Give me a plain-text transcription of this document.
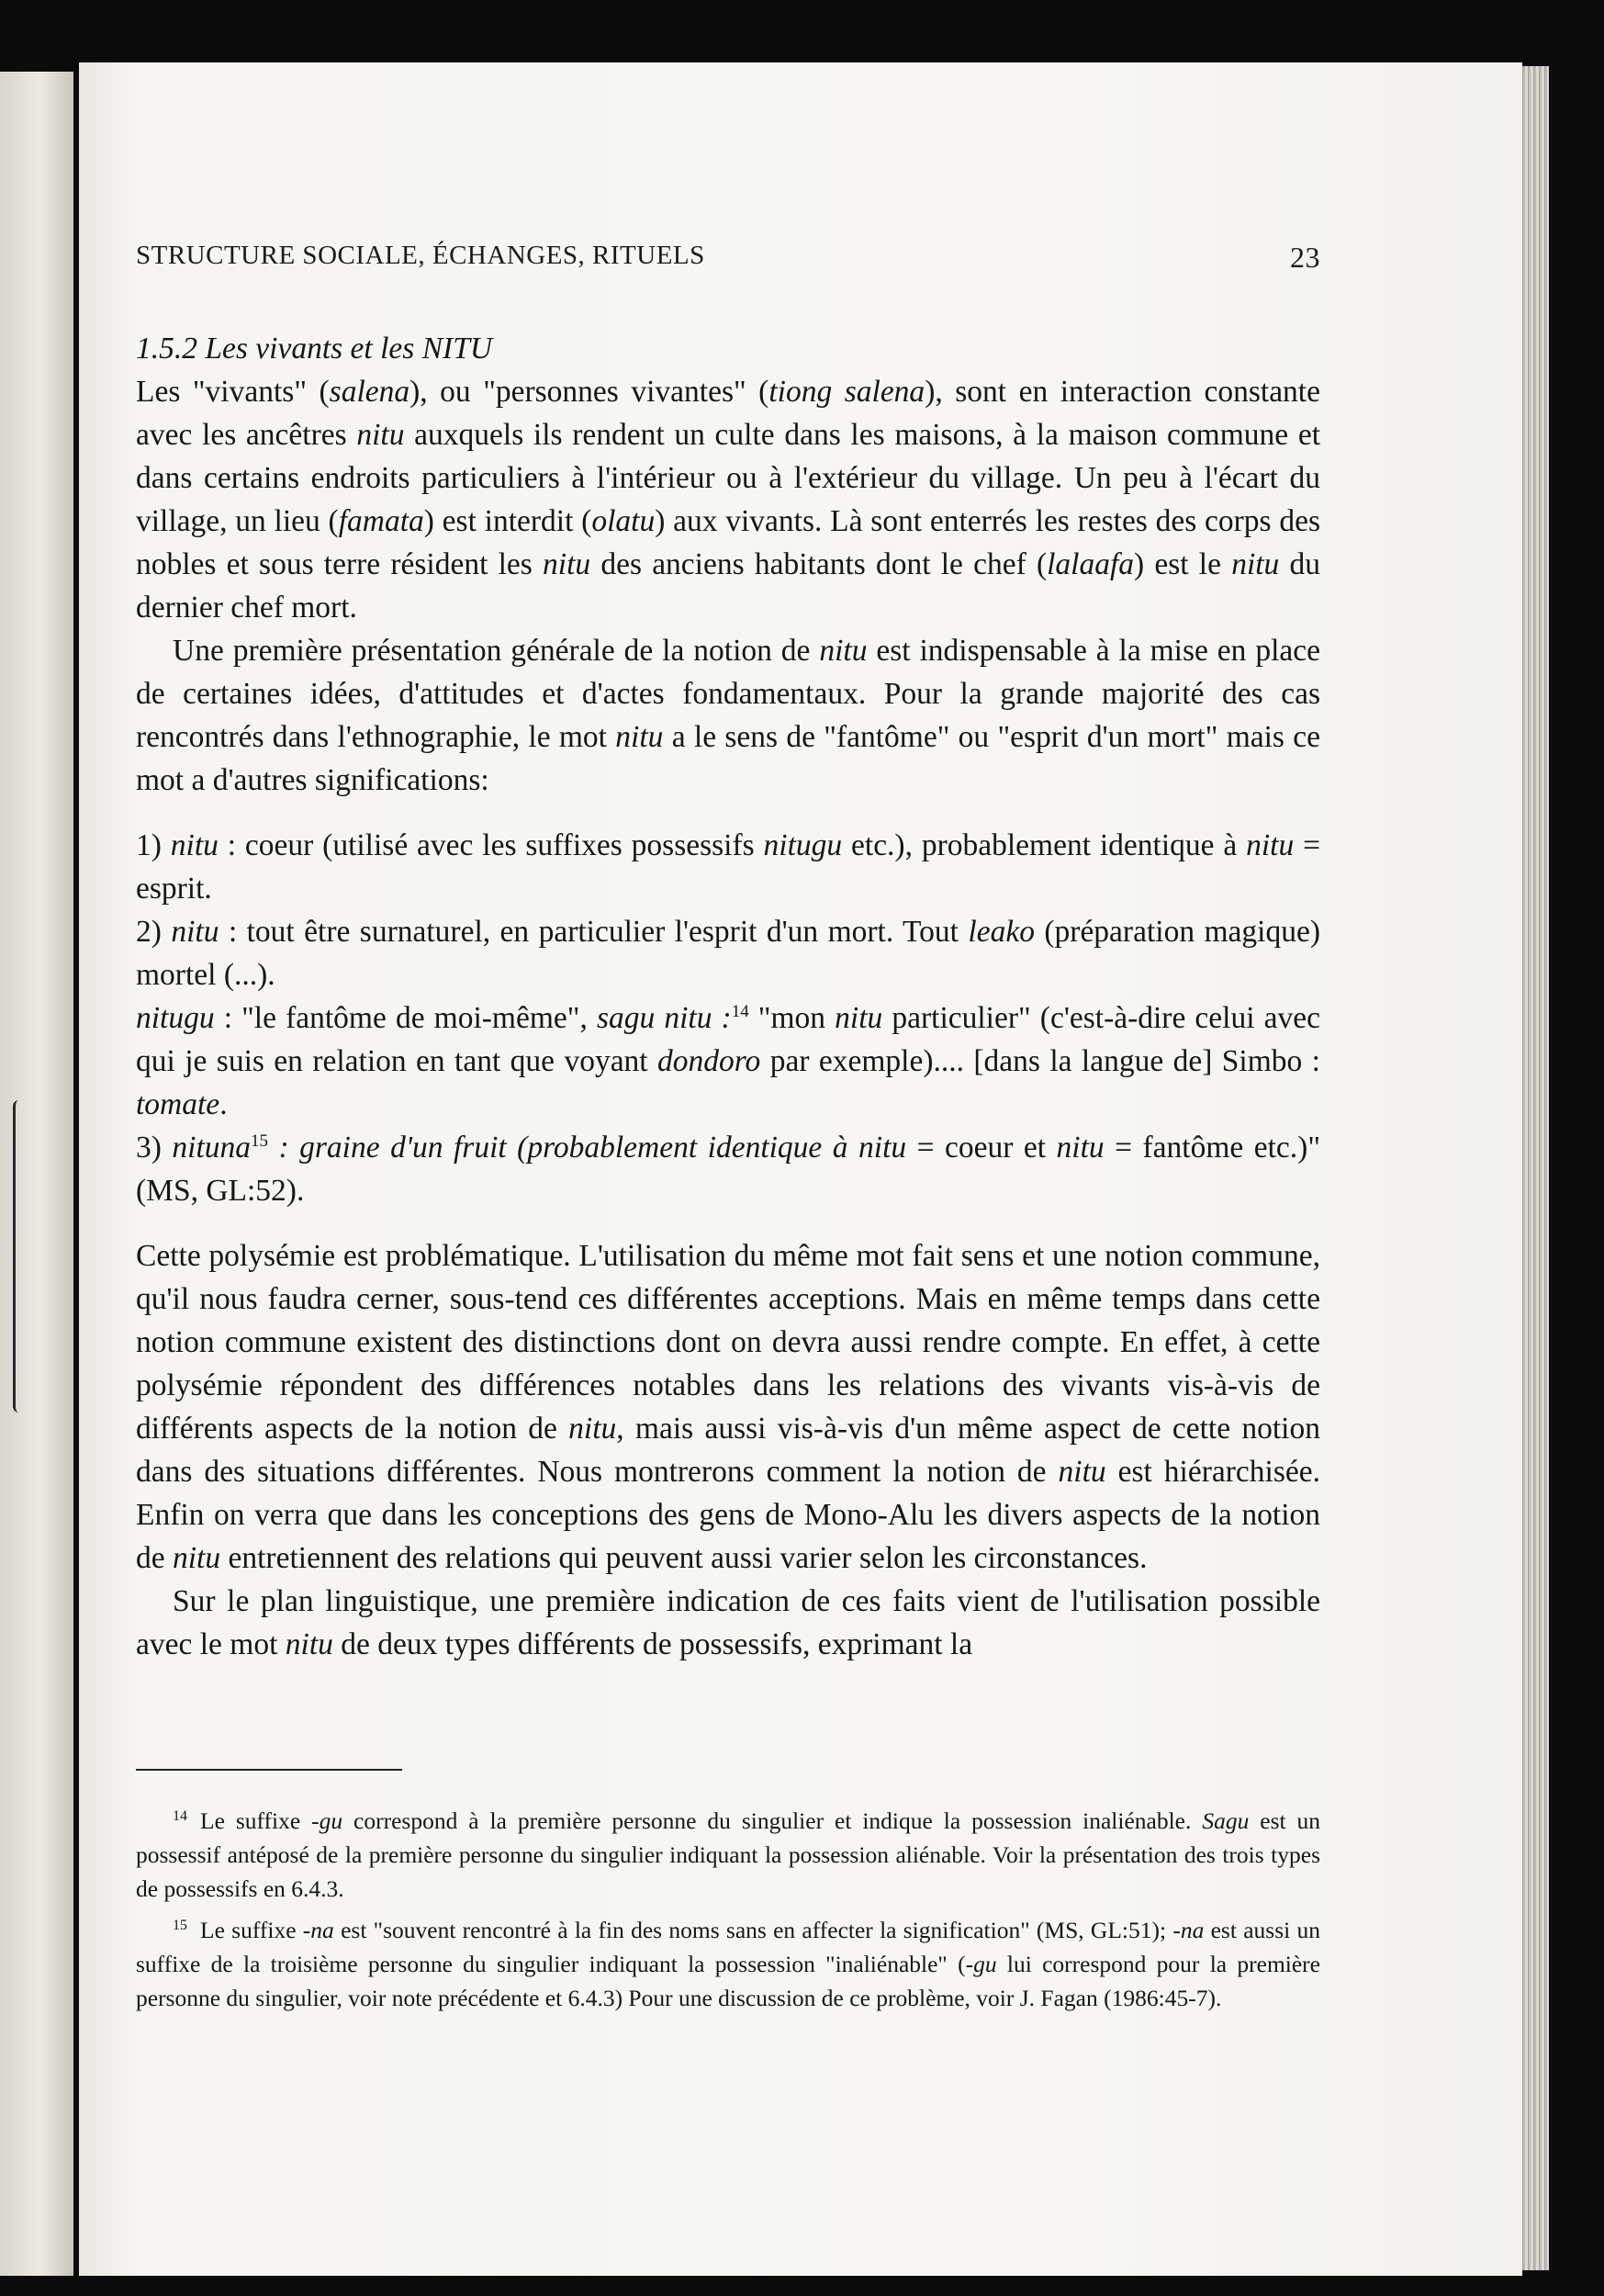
STRUCTURE SOCIALE, ÉCHANGES, RITUELS	23

1.5.2 Les vivants et les NITU

Les "vivants" (salena), ou "personnes vivantes" (tiong salena), sont en interaction constante avec les ancêtres nitu auxquels ils rendent un culte dans les maisons, à la maison commune et dans certains endroits particuliers à l'intérieur ou à l'extérieur du village. Un peu à l'écart du village, un lieu (famata) est interdit (olatu) aux vivants. Là sont enterrés les restes des corps des nobles et sous terre résident les nitu des anciens habitants dont le chef (lalaafa) est le nitu du dernier chef mort.

Une première présentation générale de la notion de nitu est indispensable à la mise en place de certaines idées, d'attitudes et d'actes fondamentaux. Pour la grande majorité des cas rencontrés dans l'ethnographie, le mot nitu a le sens de "fantôme" ou "esprit d'un mort" mais ce mot a d'autres significations:

1) nitu : coeur (utilisé avec les suffixes possessifs nitugu etc.), probablement identique à nitu = esprit.

2) nitu : tout être surnaturel, en particulier l'esprit d'un mort. Tout leako (préparation magique) mortel (...).

nitugu : "le fantôme de moi-même", sagu nitu :$^{14}$ "mon nitu particulier" (c'est-à-dire celui avec qui je suis en relation en tant que voyant dondoro par exemple).... [dans la langue de] Simbo : tomate.

3) nituna$^{15}$ : graine d'un fruit (probablement identique à nitu = coeur et nitu = fantôme etc.)" (MS, GL:52).

Cette polysémie est problématique. L'utilisation du même mot fait sens et une notion commune, qu'il nous faudra cerner, sous-tend ces différentes acceptions. Mais en même temps dans cette notion commune existent des distinctions dont on devra aussi rendre compte. En effet, à cette polysémie répondent des différences notables dans les relations des vivants vis-à-vis de différents aspects de la notion de nitu, mais aussi vis-à-vis d'un même aspect de cette notion dans des situations différentes. Nous montrerons comment la notion de nitu est hiérarchisée. Enfin on verra que dans les conceptions des gens de Mono-Alu les divers aspects de la notion de nitu entretiennent des relations qui peuvent aussi varier selon les circonstances.

Sur le plan linguistique, une première indication de ces faits vient de l'utilisation possible avec le mot nitu de deux types différents de possessifs, exprimant la

$^{14}$ Le suffixe -gu correspond à la première personne du singulier et indique la possession inaliénable. Sagu est un possessif antéposé de la première personne du singulier indiquant la possession aliénable. Voir la présentation des trois types de possessifs en 6.4.3.

$^{15}$ Le suffixe -na est "souvent rencontré à la fin des noms sans en affecter la signification" (MS, GL:51); -na est aussi un suffixe de la troisième personne du singulier indiquant la possession "inaliénable" (-gu lui correspond pour la première personne du singulier, voir note précédente et 6.4.3) Pour une discussion de ce problème, voir J. Fagan (1986:45-7).
